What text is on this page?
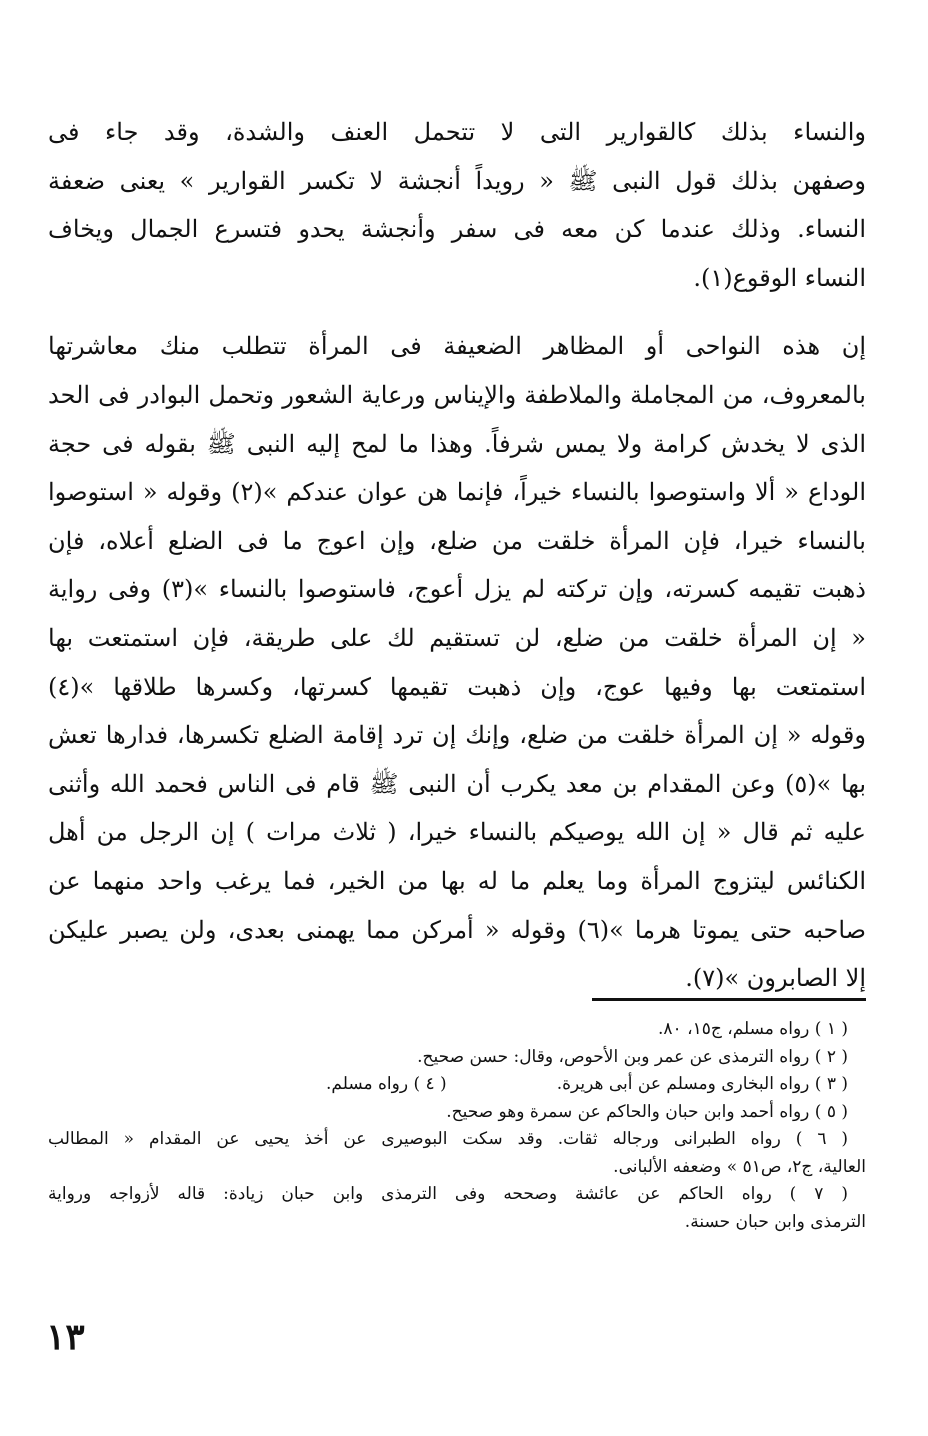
والنساء بذلك كالقوارير التى لا تتحمل العنف والشدة، وقد جاء فى
وصفهن بذلك قول النبى ﷺ « رويداً أنجشة لا تكسر القوارير » يعنى ضعفة
النساء. وذلك عندما كن معه فى سفر وأنجشة يحدو فتسرع الجمال ويخاف
النساء الوقوع(١).

إن هذه النواحى أو المظاهر الضعيفة فى المرأة تتطلب منك معاشرتها
بالمعروف، من المجاملة والملاطفة والإيناس ورعاية الشعور وتحمل البوادر فى الحد
الذى لا يخدش كرامة ولا يمس شرفاً. وهذا ما لمح إليه النبى ﷺ بقوله فى حجة
الوداع « ألا واستوصوا بالنساء خيراً، فإنما هن عوان عندكم »(٢) وقوله « استوصوا
بالنساء خيرا، فإن المرأة خلقت من ضلع، وإن اعوج ما فى الضلع أعلاه، فإن
ذهبت تقيمه كسرته، وإن تركته لم يزل أعوج، فاستوصوا بالنساء »(٣) وفى رواية
« إن المرأة خلقت من ضلع، لن تستقيم لك على طريقة، فإن استمتعت بها
استمتعت بها وفيها عوج، وإن ذهبت تقيمها كسرتها، وكسرها طلاقها »(٤)
وقوله « إن المرأة خلقت من ضلع، وإنك إن ترد إقامة الضلع تكسرها، فدارها تعش
بها »(٥) وعن المقدام بن معد يكرب أن النبى ﷺ قام فى الناس فحمد الله وأثنى
عليه ثم قال « إن الله يوصيكم بالنساء خيرا، ( ثلاث مرات ) إن الرجل من أهل
الكنائس ليتزوج المرأة وما يعلم ما له بها من الخير، فما يرغب واحد منهما عن
صاحبه حتى يموتا هرما »(٦) وقوله « أمركن مما يهمنى بعدى، ولن يصبر عليكن
إلا الصابرون »(٧).

( ١ ) رواه مسلم، ج١٥، ٨٠.
( ٢ ) رواه الترمذى عن عمر وبن الأحوص، وقال: حسن صحيح.
( ٣ ) رواه البخارى ومسلم عن أبى هريرة.
( ٤ ) رواه مسلم.
( ٥ ) رواه أحمد وابن حبان والحاكم عن سمرة وهو صحيح.
( ٦ ) رواه الطبرانى ورجاله ثقات. وقد سكت البوصيرى عن أخذ يحيى عن المقدام « المطالب
العالية، ج٢، ص٥١ » وضعفه الألبانى.
( ٧ ) رواه الحاكم عن عائشة وصححه وفى الترمذى وابن حبان زيادة: قاله لأزواجه ورواية
الترمذى وابن حبان حسنة.
١٣
